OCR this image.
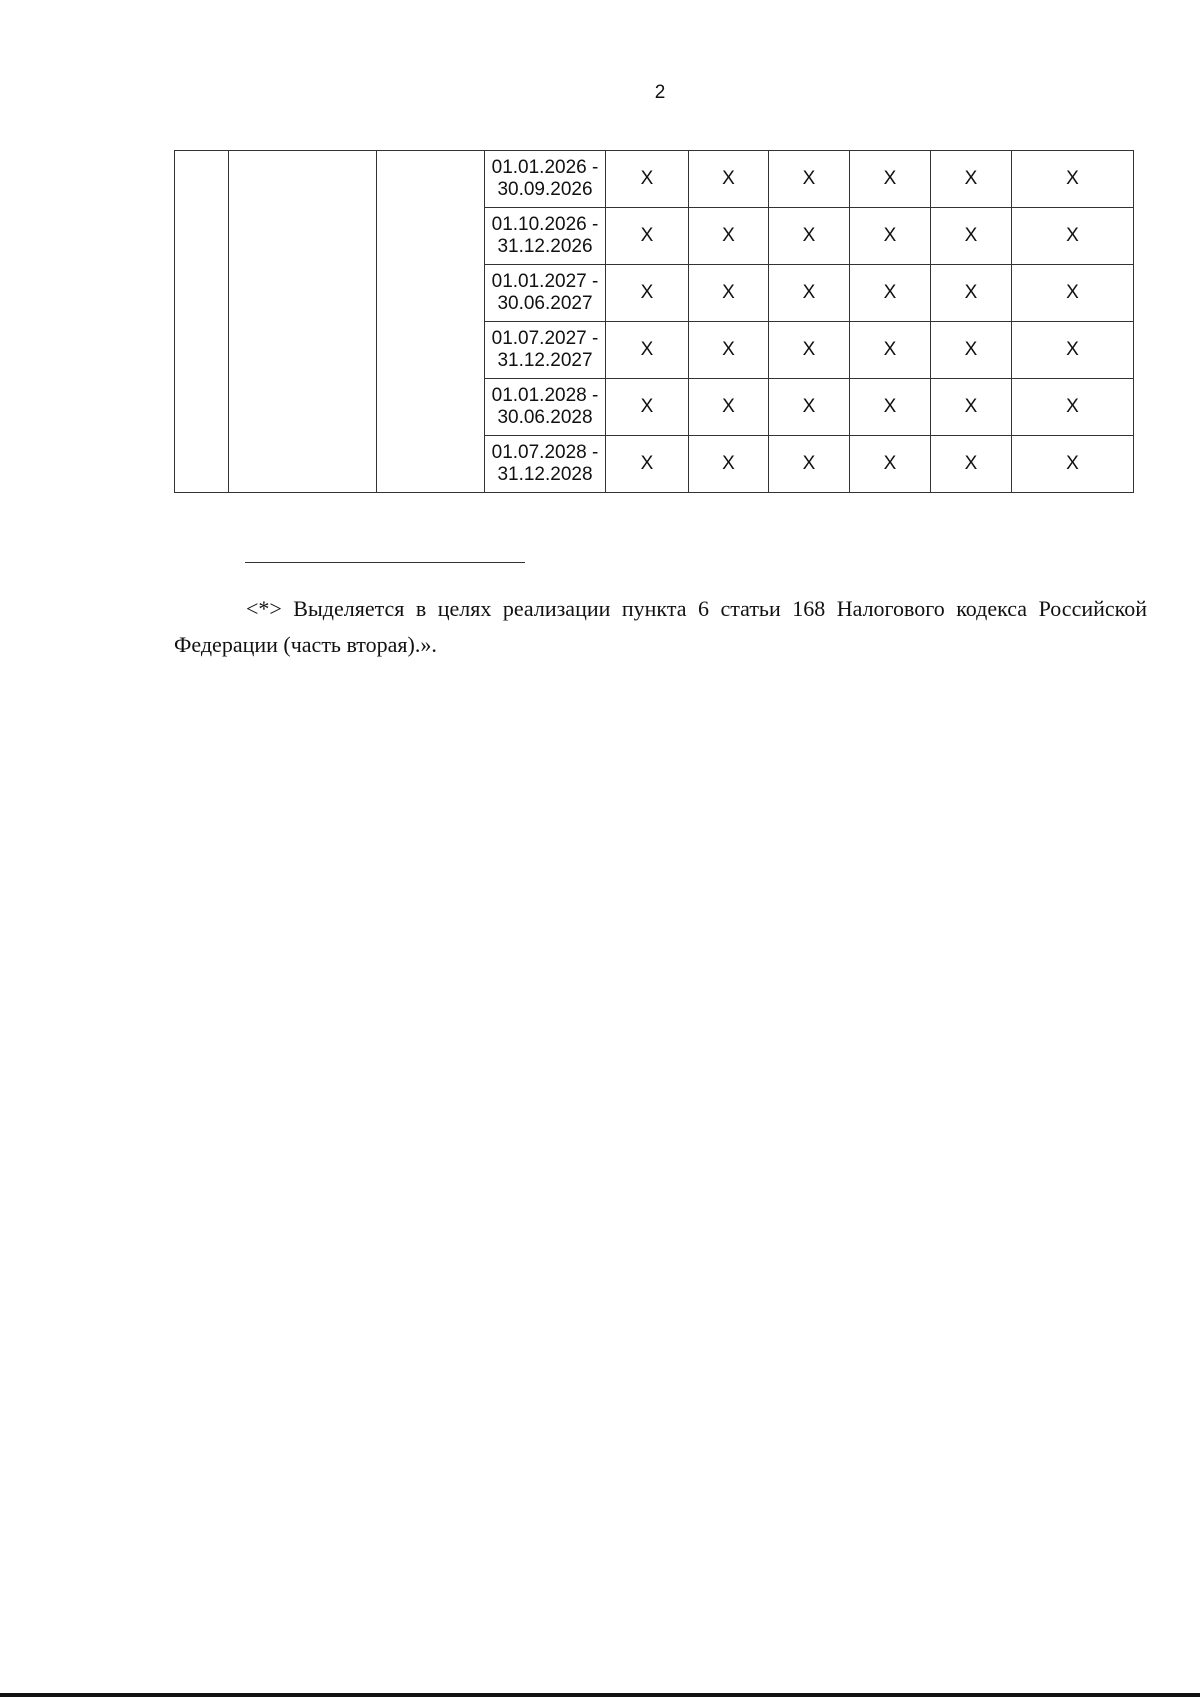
2

			01.01.2026 -
30.09.2026	X	X	X	X	X	X

			01.10.2026 -
31.12.2026	X	X	X	X	X	X

			01.01.2027 -
30.06.2027	X	X	X	X	X	X

			01.07.2027 -
31.12.2027	X	X	X	X	X	X

			01.01.2028 -
30.06.2028	X	X	X	X	X	X

			01.07.2028 -
31.12.2028	X	X	X	X	X	X

<*> Выделяется в целях реализации пункта 6 статьи 168 Налогового кодекса Российской Федерации (часть вторая).».
